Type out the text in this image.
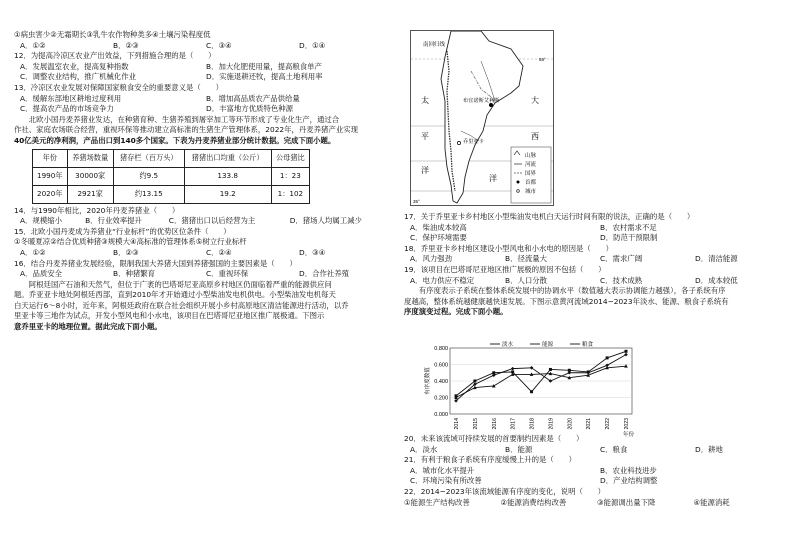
①病虫害少②无霜期长③乳牛农作物种类多④土壤污染程度低
A．①②	B．②③	C．③④	D．①④
12．为提高冷凉区农业产出效益，下列措施合理的是（　　）
A．发展温室农业，提高复种指数	B．加大化肥使用量，提高粮食单产
C．调整农业结构，推广机械化作业	D．实施退耕还牧，提高土地利用率
13．冷凉区农业发展对保障国家粮食安全的重要意义是（　　）
A．缓解东部地区耕地过度利用	B．增加高品质农产品供给量
C．提高农产品的市场竞争力	D．丰富地方优质特色种源
　　北欧小国丹麦养猪业发达，在种猪育种、生猪养殖到屠宰加工等环节形成了专业化生产，通过合
作社、家庭农场联合经营，重视环保等推动建立高标准的生猪生产管理体系，2022年，丹麦养猪产业实现
40亿美元的净利润，产品出口到140多个国家。下表为丹麦养猪业部分统计数据。完成下面小题。
年份	养猪场数量	猪存栏（百万头）	猪猪出口均重（公斤）	公母猪比
1990年	30000家	约9.5	133.8	1：23
2020年	2921家	约13.15	19.2	1：102
14．与1990年相比，2020年丹麦养猪业（　　）
A．规模缩小	B．行业效率提升	C．猪猪出口以后经营为主	D．猪场人均属工减少
15．北欧小国丹麦成为养猪业“行业标杆”的优势区位条件（　　）
①冬暖夏凉②结合优质种猪③规模大④高标准的管理体系⑤树立行业标杆
A．①②	B．②③	C．②④	D．③④
16．结合丹麦养猪业发展经验，限制我国大养猪大国到养猪强国的主要因素是（　　）
A．品质安全	B．种猪繁育	C．重视环保	D．合作社养殖
　　阿根廷国产石油和天然气，但位于广袤的巴塔哥尼亚高原乡村地区仍面临着严重的能源供应问
题。乔亚亚卡地处阿根廷西部，直到2010年才开始通过小型柴油发电机供电。小型柴油发电机每天
白天运行6～8小时，近年来，阿根廷政府在联合社会组织开展小乡村高原地区清洁能源进行活动，以乔
里亚卡等三地作为试点，开发小型风电和小水电，该项目在巴塔哥尼亚地区推广展极通。下图示
意乔里亚卡的地理位置。据此完成下面小题。
南回归线
布宜诺斯艾利斯
乔里亚卡
太
平
洋
大
西
洋
山脉
河流
国界
首都
城市
35°
55°
17．关于乔里亚卡乡村地区小型柴油发电机白天运行时间有限的说法，正确的是（　　）
A．柴油成本较高	B．农村需求不足
C．保护环境需要	D．防范干预限制
18．乔里亚卡乡村地区建设小型风电和小水电的原因是（　　）
A．风力强劲	B．径流量大	C．需求广阔	D．清洁能源
19．该项目在巴塔哥尼亚地区推广展极的原因不包括（　　）
A．电力供应不稳定	B．人口分散	C．技术成熟	D．成本较低
　　有序度表示子系统在整体系统发展中的协调水平（数值越大表示协调能力越强），各子系统有序
度越高，整体系统越健康越快速发展。下图示意黄河流域2014~2023年淡水、能源、粮食子系统有
序度演变过程。完成下面小题。
20．未来该流域可持续发展的首要制约因素是（　　）
A．淡水	B．能源	C．粮食	D．耕地
21．有利于粮食子系统有序度缓慢上升的是（　　）
A．城市化水平提升	B．农业科技进步
C．环境污染有所改善	D．产业结构调整
22．2014~2023年该流域能源有序度的变化，说明（　　）
①能源生产结构改善	②能源消费结构改善	③能源调出量下降	④能源消耗
0.800
0.600
0.400
0.200
0.000
2014 2015 2016 2017 2018 2019 2020 2021 2022 2023
有序度数值
年份
淡水	能源	粮食
